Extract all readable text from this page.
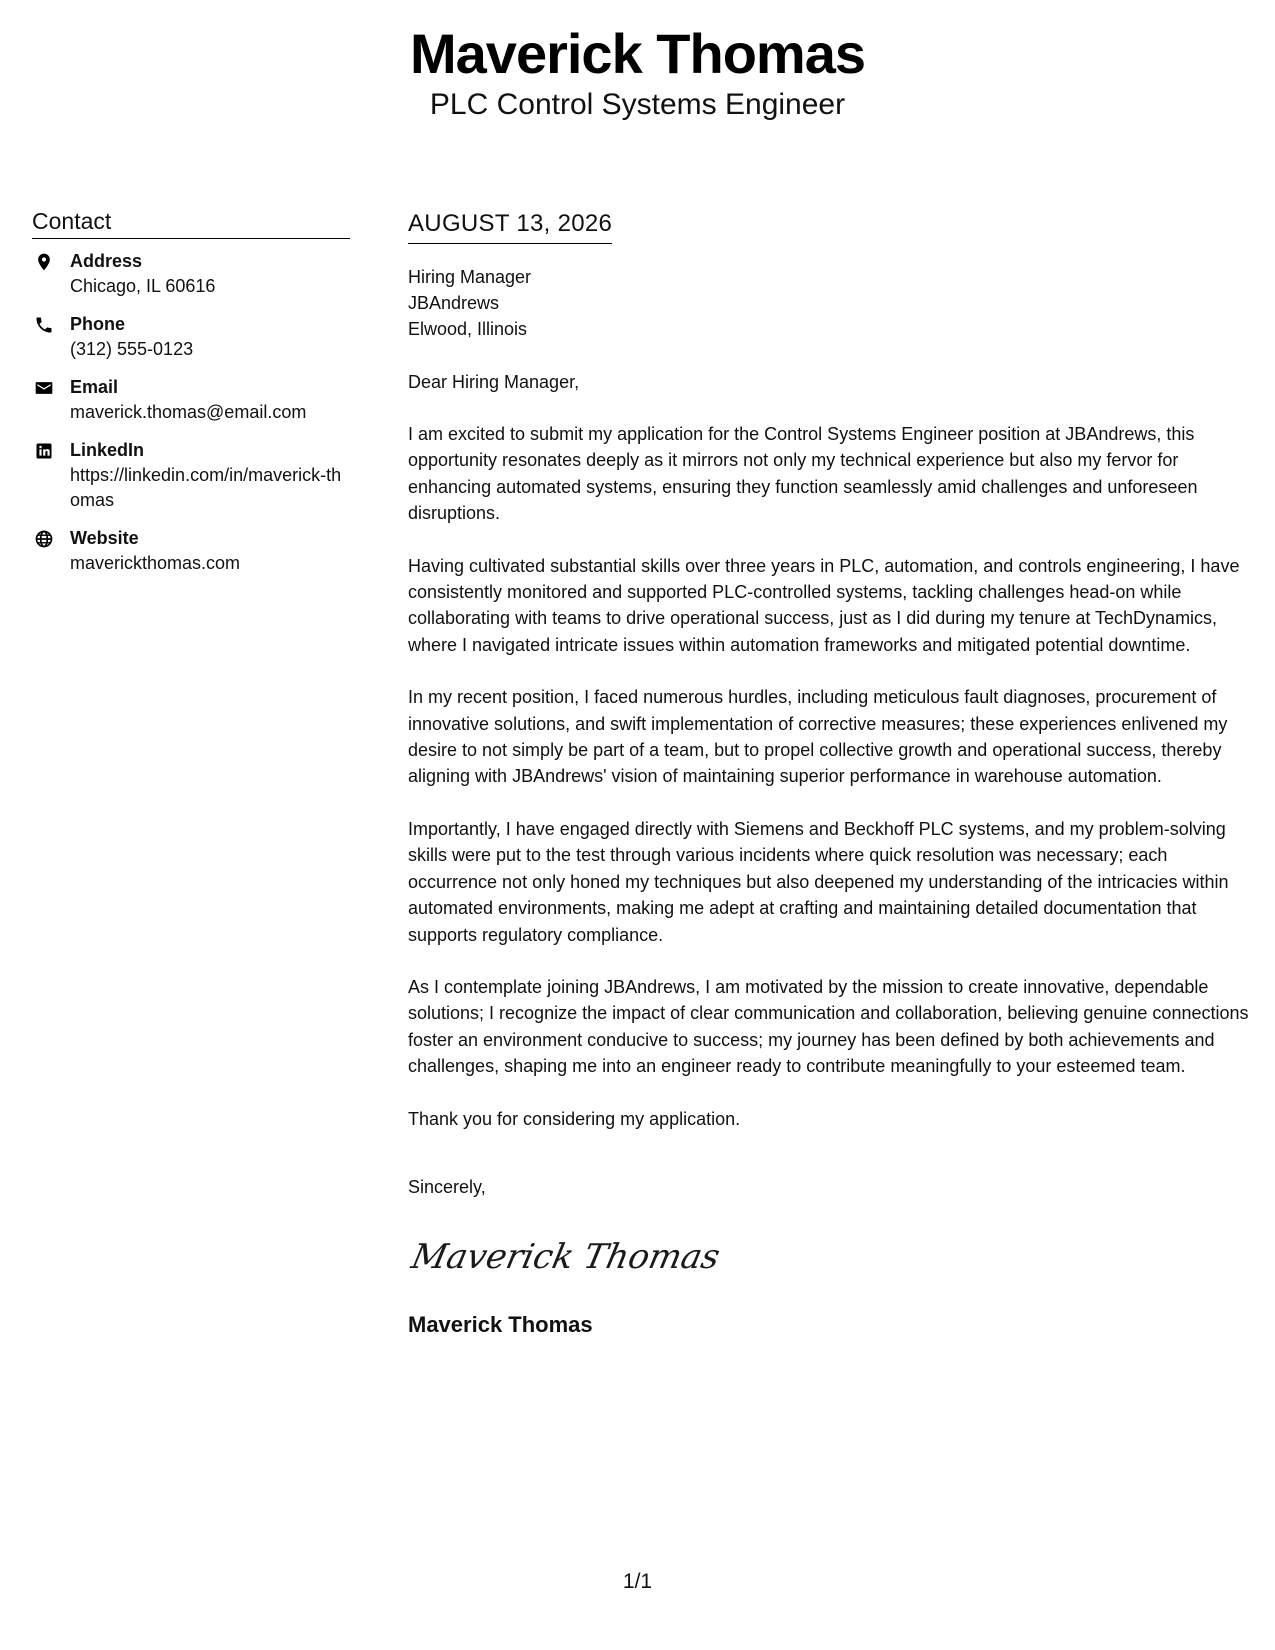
Maverick Thomas
PLC Control Systems Engineer
Contact
Address
Chicago, IL 60616
Phone
(312) 555-0123
Email
maverick.thomas@email.com
LinkedIn
https://linkedin.com/in/maverick-thomas
Website
maverickthomas.com
AUGUST 13, 2026
Hiring Manager
JBAndrews
Elwood, Illinois
Dear Hiring Manager,
I am excited to submit my application for the Control Systems Engineer position at JBAndrews, this opportunity resonates deeply as it mirrors not only my technical experience but also my fervor for enhancing automated systems, ensuring they function seamlessly amid challenges and unforeseen disruptions.
Having cultivated substantial skills over three years in PLC, automation, and controls engineering, I have consistently monitored and supported PLC-controlled systems, tackling challenges head-on while collaborating with teams to drive operational success, just as I did during my tenure at TechDynamics, where I navigated intricate issues within automation frameworks and mitigated potential downtime.
In my recent position, I faced numerous hurdles, including meticulous fault diagnoses, procurement of innovative solutions, and swift implementation of corrective measures; these experiences enlivened my desire to not simply be part of a team, but to propel collective growth and operational success, thereby aligning with JBAndrews' vision of maintaining superior performance in warehouse automation.
Importantly, I have engaged directly with Siemens and Beckhoff PLC systems, and my problem-solving skills were put to the test through various incidents where quick resolution was necessary; each occurrence not only honed my techniques but also deepened my understanding of the intricacies within automated environments, making me adept at crafting and maintaining detailed documentation that supports regulatory compliance.
As I contemplate joining JBAndrews, I am motivated by the mission to create innovative, dependable solutions; I recognize the impact of clear communication and collaboration, believing genuine connections foster an environment conducive to success; my journey has been defined by both achievements and challenges, shaping me into an engineer ready to contribute meaningfully to your esteemed team.
Thank you for considering my application.
Sincerely,
Maverick Thomas
Maverick Thomas
1/1
